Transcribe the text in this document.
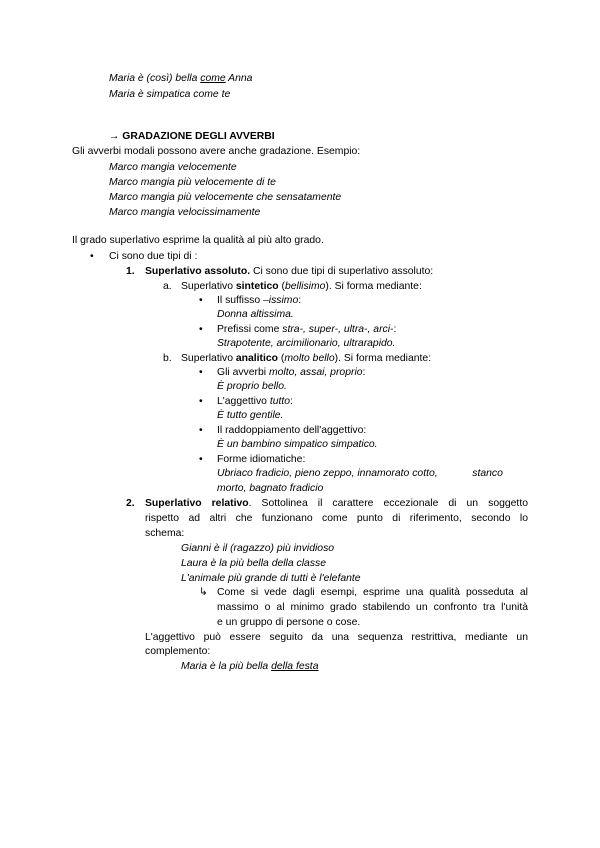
Maria è (così) bella come Anna
Maria è simpatica come te
→ GRADAZIONE DEGLI AVVERBI
Gli avverbi modali possono avere anche gradazione. Esempio:
Marco mangia velocemente
Marco mangia più velocemente di te
Marco mangia più velocemente che sensatamente
Marco mangia velocissimamente
Il grado superlativo esprime la qualità al più alto grado.
• Ci sono due tipi di :
1. Superlativo assoluto. Ci sono due tipi di superlativo assoluto:
a. Superlativo sintetico (bellisimo). Si forma mediante:
• Il suffisso –issimo:
Donna altissima.
• Prefissi come stra-, super-, ultra-, arci-:
Strapotente, arcimilionario, ultrarapido.
b. Superlativo analitico (molto bello). Si forma mediante:
• Gli avverbi molto, assai, proprio:
È proprio bello.
• L'aggettivo tutto:
È tutto gentile.
• Il raddoppiamento dell'aggettivo:
È un bambino simpatico simpatico.
• Forme idiomatiche:
Ubriaco fradicio, pieno zeppo, innamorato cotto,            stanco
morto, bagnato fradicio
2. Superlativo relativo. Sottolinea il carattere eccezionale di un soggetto
rispetto ad altri che funzionano come punto di riferimento, secondo lo
schema:
Gianni è il (ragazzo) più invidioso
Laura è la più bella della classe
L'animale più grande di tutti è l'elefante
↳ Come si vede dagli esempi, esprime una qualità posseduta al
massimo o al minimo grado stabilendo un confronto tra l'unità
e un gruppo di persone o cose.
L'aggettivo può essere seguito da una sequenza restrittiva, mediante un
complemento:
Maria è la più bella della festa
